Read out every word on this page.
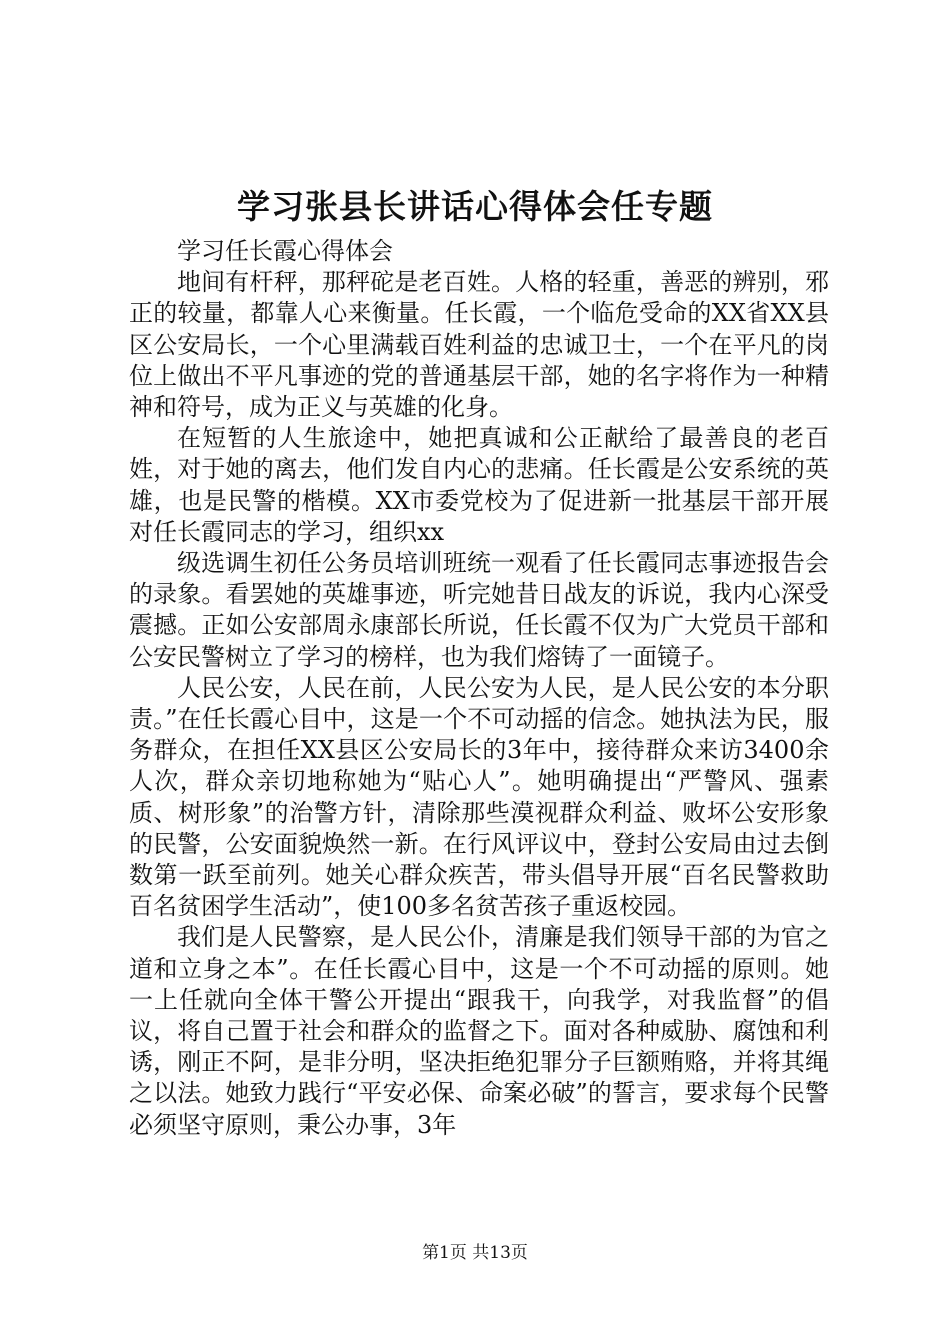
学习张县长讲话心得体会任专题

学习任长霞心得体会

地间有杆秤，那秤砣是老百姓。人格的轻重，善恶的辨别，邪正的较量，都靠人心来衡量。任长霞，一个临危受命的XX省XX县区公安局长，一个心里满载百姓利益的忠诚卫士，一个在平凡的岗位上做出不平凡事迹的党的普通基层干部，她的名字将作为一种精神和符号，成为正义与英雄的化身。

在短暂的人生旅途中，她把真诚和公正献给了最善良的老百姓，对于她的离去，他们发自内心的悲痛。任长霞是公安系统的英雄，也是民警的楷模。XX市委党校为了促进新一批基层干部开展对任长霞同志的学习，组织xx

级选调生初任公务员培训班统一观看了任长霞同志事迹报告会的录象。看罢她的英雄事迹，听完她昔日战友的诉说，我内心深受震撼。正如公安部周永康部长所说，任长霞不仅为广大党员干部和公安民警树立了学习的榜样，也为我们熔铸了一面镜子。

人民公安，人民在前，人民公安为人民，是人民公安的本分职责。”在任长霞心目中，这是一个不可动摇的信念。她执法为民，服务群众，在担任XX县区公安局长的3年中，接待群众来访3400余人次，群众亲切地称她为“贴心人”。她明确提出“严警风、强素质、树形象”的治警方针，清除那些漠视群众利益、败坏公安形象的民警，公安面貌焕然一新。在行风评议中，登封公安局由过去倒数第一跃至前列。她关心群众疾苦，带头倡导开展“百名民警救助百名贫困学生活动”，使100多名贫苦孩子重返校园。

我们是人民警察，是人民公仆，清廉是我们领导干部的为官之道和立身之本”。在任长霞心目中，这是一个不可动摇的原则。她一上任就向全体干警公开提出“跟我干，向我学，对我监督”的倡议，将自己置于社会和群众的监督之下。面对各种威胁、腐蚀和利诱，刚正不阿，是非分明，坚决拒绝犯罪分子巨额贿赂，并将其绳之以法。她致力践行“平安必保、命案必破”的誓言，要求每个民警必须坚守原则，秉公办事，3年

第1页 共13页
